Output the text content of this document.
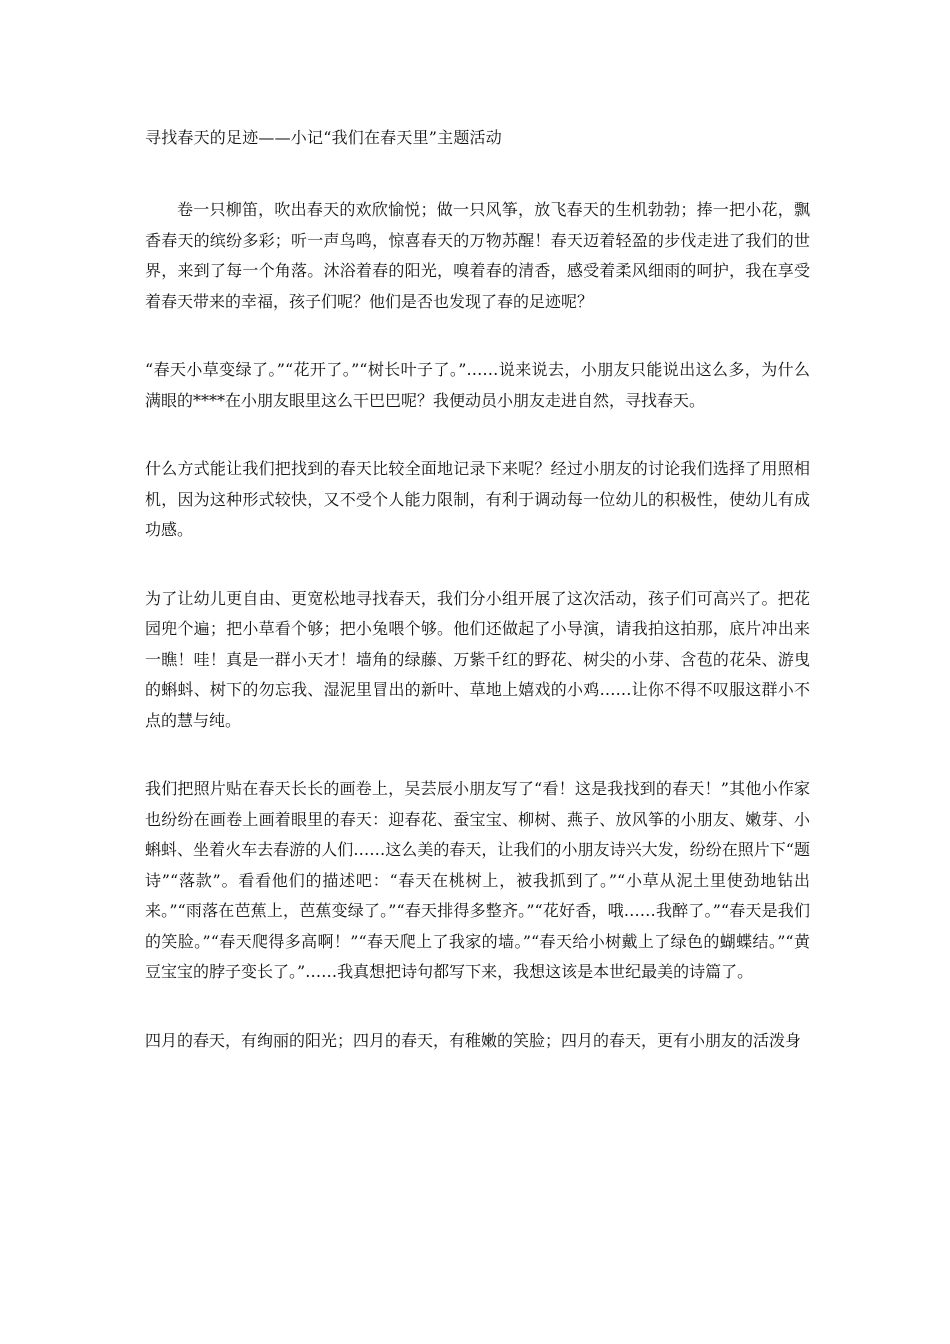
寻找春天的足迹——小记“我们在春天里”主题活动

卷一只柳笛，吹出春天的欢欣愉悦；做一只风筝，放飞春天的生机勃勃；捧一把小花，飘香春天的缤纷多彩；听一声鸟鸣，惊喜春天的万物苏醒！春天迈着轻盈的步伐走进了我们的世界，来到了每一个角落。沐浴着春的阳光，嗅着春的清香，感受着柔风细雨的呵护，我在享受着春天带来的幸福，孩子们呢？他们是否也发现了春的足迹呢？

“春天小草变绿了。”“花开了。”“树长叶子了。”……说来说去，小朋友只能说出这么多，为什么满眼的****在小朋友眼里这么干巴巴呢？我便动员小朋友走进自然，寻找春天。

什么方式能让我们把找到的春天比较全面地记录下来呢？经过小朋友的讨论我们选择了用照相机，因为这种形式较快，又不受个人能力限制，有利于调动每一位幼儿的积极性，使幼儿有成功感。

为了让幼儿更自由、更宽松地寻找春天，我们分小组开展了这次活动，孩子们可高兴了。把花园兜个遍；把小草看个够；把小兔喂个够。他们还做起了小导演，请我拍这拍那，底片冲出来一瞧！哇！真是一群小天才！墙角的绿藤、万紫千红的野花、树尖的小芽、含苞的花朵、游曳的蝌蚪、树下的勿忘我、湿泥里冒出的新叶、草地上嬉戏的小鸡……让你不得不叹服这群小不点的慧与纯。

我们把照片贴在春天长长的画卷上，吴芸辰小朋友写了“看！这是我找到的春天！”其他小作家也纷纷在画卷上画着眼里的春天：迎春花、蚕宝宝、柳树、燕子、放风筝的小朋友、嫩芽、小蝌蚪、坐着火车去春游的人们……这么美的春天，让我们的小朋友诗兴大发，纷纷在照片下“题诗”“落款”。看看他们的描述吧：“春天在桃树上，被我抓到了。”“小草从泥土里使劲地钻出来。”“雨落在芭蕉上，芭蕉变绿了。”“春天排得多整齐。”“花好香，哦……我醉了。”“春天是我们的笑脸。”“春天爬得多高啊！”“春天爬上了我家的墙。”“春天给小树戴上了绿色的蝴蝶结。”“黄豆宝宝的脖子变长了。”……我真想把诗句都写下来，我想这该是本世纪最美的诗篇了。

四月的春天，有绚丽的阳光；四月的春天，有稚嫩的笑脸；四月的春天，更有小朋友的活泼身
